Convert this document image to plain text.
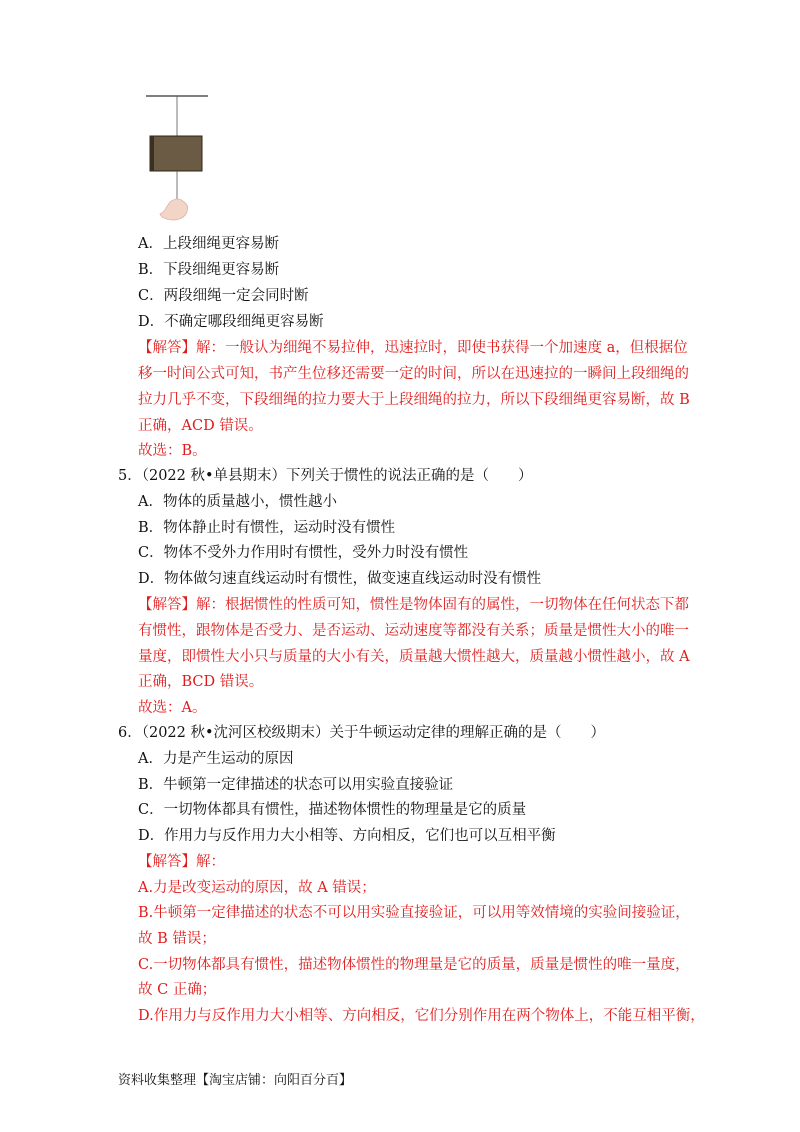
A．上段细绳更容易断
B．下段细绳更容易断
C．两段细绳一定会同时断
D．不确定哪段细绳更容易断
【解答】解：一般认为细绳不易拉伸，迅速拉时，即使书获得一个加速度 a，但根据位
移一时间公式可知，书产生位移还需要一定的时间，所以在迅速拉的一瞬间上段细绳的
拉力几乎不变，下段细绳的拉力要大于上段细绳的拉力，所以下段细绳更容易断，故 B
正确，ACD 错误。
故选：B。
5．（2022 秋•单县期末）下列关于惯性的说法正确的是（　　）
A．物体的质量越小，惯性越小
B．物体静止时有惯性，运动时没有惯性
C．物体不受外力作用时有惯性，受外力时没有惯性
D．物体做匀速直线运动时有惯性，做变速直线运动时没有惯性
【解答】解：根据惯性的性质可知，惯性是物体固有的属性，一切物体在任何状态下都
有惯性，跟物体是否受力、是否运动、运动速度等都没有关系；质量是惯性大小的唯一
量度，即惯性大小只与质量的大小有关，质量越大惯性越大，质量越小惯性越小，故 A
正确，BCD 错误。
故选：A。
6．（2022 秋•沈河区校级期末）关于牛顿运动定律的理解正确的是（　　）
A．力是产生运动的原因
B．牛顿第一定律描述的状态可以用实验直接验证
C．一切物体都具有惯性，描述物体惯性的物理量是它的质量
D．作用力与反作用力大小相等、方向相反，它们也可以互相平衡
【解答】解：
A.力是改变运动的原因，故 A 错误；
B.牛顿第一定律描述的状态不可以用实验直接验证，可以用等效情境的实验间接验证，
故 B 错误；
C.一切物体都具有惯性，描述物体惯性的物理量是它的质量，质量是惯性的唯一量度，
故 C 正确；
D.作用力与反作用力大小相等、方向相反，它们分别作用在两个物体上，不能互相平衡，
资料收集整理【淘宝店铺：向阳百分百】
